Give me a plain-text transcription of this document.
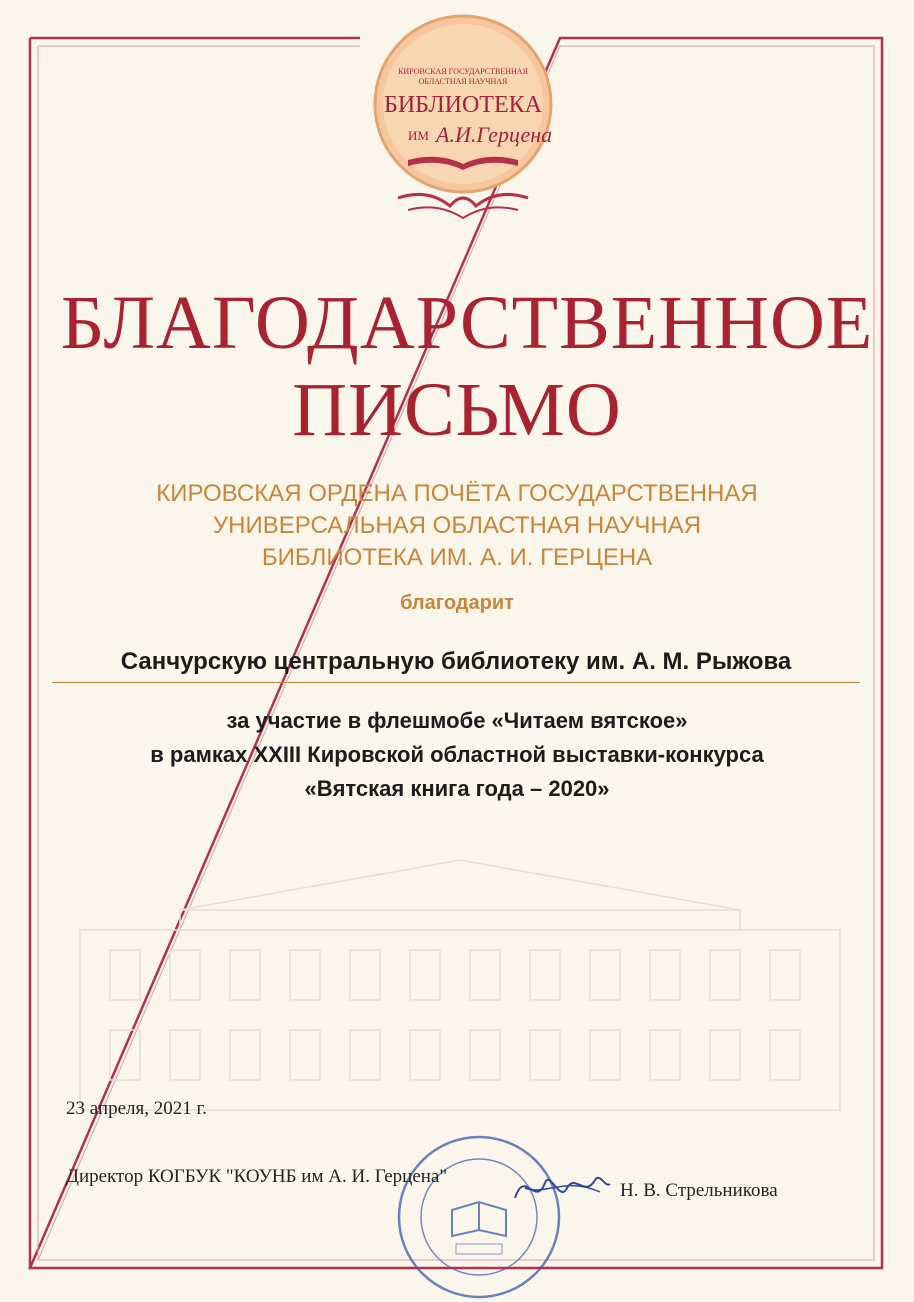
КИРОВСКАЯ ГОСУДАРСТВЕННАЯ
ОБЛАСТНАЯ НАУЧНАЯ
БИБЛИОТЕКА
ИМ А.И.Герцена
БЛАГОДАРСТВЕННОЕ
ПИСЬМО
КИРОВСКАЯ ОРДЕНА ПОЧЁТА ГОСУДАРСТВЕННАЯ
УНИВЕРСАЛЬНАЯ ОБЛАСТНАЯ НАУЧНАЯ
БИБЛИОТЕКА ИМ. А. И. ГЕРЦЕНА
благодарит
Санчурскую центральную библиотеку им. А. М. Рыжова
за участие в флешмобе «Читаем вятское»
в рамках XXIII Кировской областной выставки-конкурса
«Вятская книга года – 2020»
23 апреля, 2021 г.
Директор КОГБУК "КОУНБ им А. И. Герцена"
Н. В. Стрельникова
